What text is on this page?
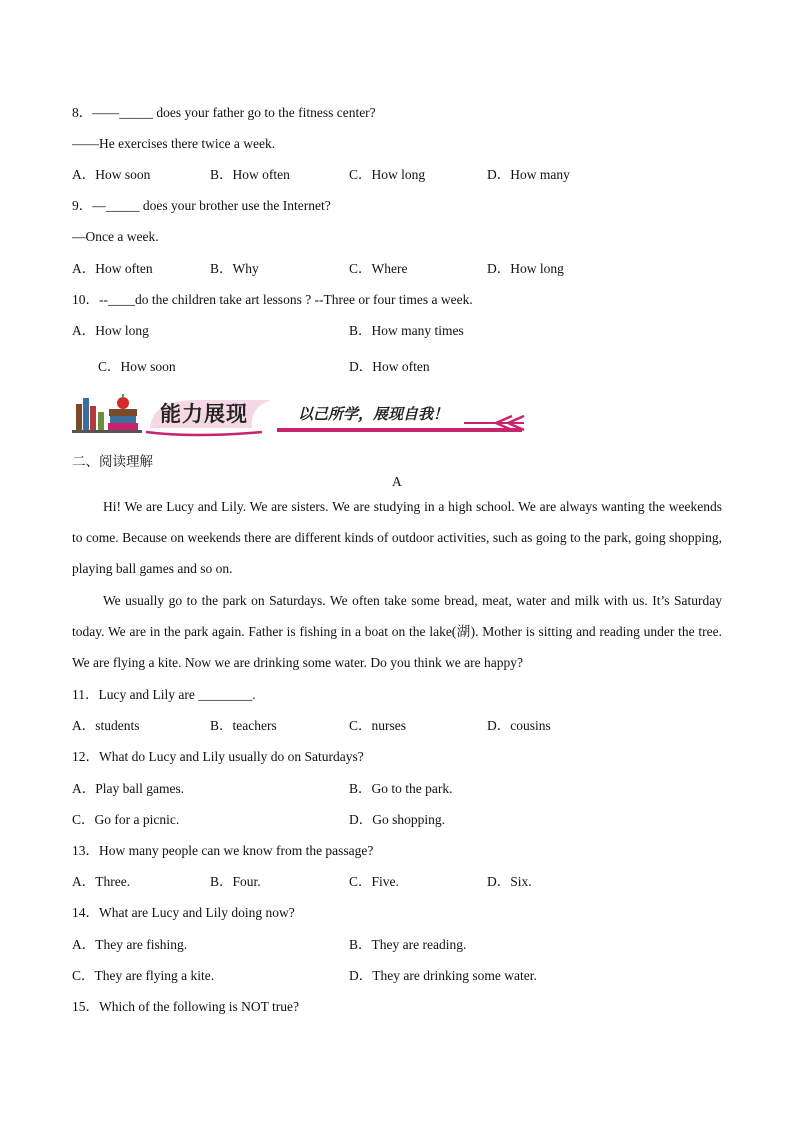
8．——_____ does your father go to the fitness center?
——He exercises there twice a week.
A．How soon	B．How often	C．How long	D．How many
9．—_____ does your brother use the Internet?
—Once a week.
A．How often	B．Why	C．Where	D．How long
10．--____do the children take art lessons ? --Three or four times a week.
A．How long	B．How many times
C．How soon	D．How often
能力展现	以己所学，展现自我！
二、阅读理解
A
Hi! We are Lucy and Lily. We are sisters. We are studying in a high school. We are always wanting the weekends to come. Because on weekends there are different kinds of outdoor activities, such as going to the park, going shopping, playing ball games and so on.
We usually go to the park on Saturdays. We often take some bread, meat, water and milk with us. It’s Saturday today. We are in the park again. Father is fishing in a boat on the lake(湖). Mother is sitting and reading under the tree. We are flying a kite. Now we are drinking some water. Do you think we are happy?
11．Lucy and Lily are ________.
A．students	B．teachers	C．nurses	D．cousins
12．What do Lucy and Lily usually do on Saturdays?
A．Play ball games.	B．Go to the park.
C．Go for a picnic.	D．Go shopping.
13．How many people can we know from the passage?
A．Three.	B．Four.	C．Five.	D．Six.
14．What are Lucy and Lily doing now?
A．They are fishing.	B．They are reading.
C．They are flying a kite.	D．They are drinking some water.
15．Which of the following is NOT true?
